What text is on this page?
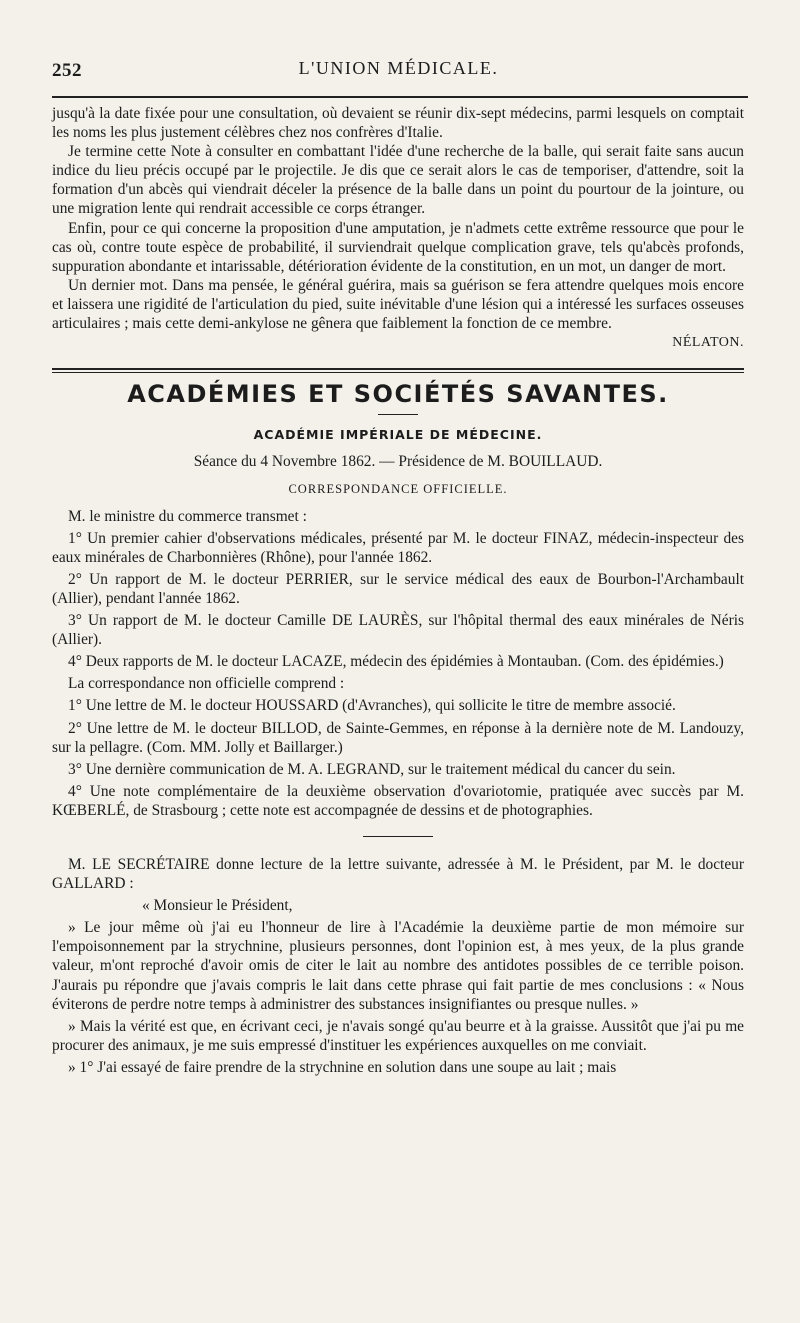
252	L'UNION MÉDICALE.

jusqu'à la date fixée pour une consultation, où devaient se réunir dix-sept médecins, parmi lesquels on comptait les noms les plus justement célèbres chez nos confrères d'Italie.

Je termine cette Note à consulter en combattant l'idée d'une recherche de la balle, qui serait faite sans aucun indice du lieu précis occupé par le projectile. Je dis que ce serait alors le cas de temporiser, d'attendre, soit la formation d'un abcès qui viendrait déceler la présence de la balle dans un point du pourtour de la jointure, ou une migration lente qui rendrait accessible ce corps étranger.

Enfin, pour ce qui concerne la proposition d'une amputation, je n'admets cette extrême ressource que pour le cas où, contre toute espèce de probabilité, il surviendrait quelque complication grave, tels qu'abcès profonds, suppuration abondante et intarissable, détérioration évidente de la constitution, en un mot, un danger de mort.

Un dernier mot. Dans ma pensée, le général guérira, mais sa guérison se fera attendre quelques mois encore et laissera une rigidité de l'articulation du pied, suite inévitable d'une lésion qui a intéressé les surfaces osseuses articulaires ; mais cette demi-ankylose ne gênera que faiblement la fonction de ce membre.

NÉLATON.

ACADÉMIES ET SOCIÉTÉS SAVANTES.
ACADÉMIE IMPÉRIALE DE MÉDECINE.
Séance du 4 Novembre 1862. — Présidence de M. BOUILLAUD.
CORRESPONDANCE OFFICIELLE.

M. le ministre du commerce transmet :

1° Un premier cahier d'observations médicales, présenté par M. le docteur FINAZ, médecin-inspecteur des eaux minérales de Charbonnières (Rhône), pour l'année 1862.

2° Un rapport de M. le docteur PERRIER, sur le service médical des eaux de Bourbon-l'Archambault (Allier), pendant l'année 1862.

3° Un rapport de M. le docteur Camille DE LAURÈS, sur l'hôpital thermal des eaux minérales de Néris (Allier).

4° Deux rapports de M. le docteur LACAZE, médecin des épidémies à Montauban. (Com. des épidémies.)

La correspondance non officielle comprend :

1° Une lettre de M. le docteur HOUSSARD (d'Avranches), qui sollicite le titre de membre associé.

2° Une lettre de M. le docteur BILLOD, de Sainte-Gemmes, en réponse à la dernière note de M. Landouzy, sur la pellagre. (Com. MM. Jolly et Baillarger.)

3° Une dernière communication de M. A. LEGRAND, sur le traitement médical du cancer du sein.

4° Une note complémentaire de la deuxième observation d'ovariotomie, pratiquée avec succès par M. KŒBERLÉ, de Strasbourg ; cette note est accompagnée de dessins et de photographies.

M. LE SECRÉTAIRE donne lecture de la lettre suivante, adressée à M. le Président, par M. le docteur GALLARD :

« Monsieur le Président,

» Le jour même où j'ai eu l'honneur de lire à l'Académie la deuxième partie de mon mémoire sur l'empoisonnement par la strychnine, plusieurs personnes, dont l'opinion est, à mes yeux, de la plus grande valeur, m'ont reproché d'avoir omis de citer le lait au nombre des antidotes possibles de ce terrible poison. J'aurais pu répondre que j'avais compris le lait dans cette phrase qui fait partie de mes conclusions : « Nous éviterons de perdre notre temps à administrer des substances insignifiantes ou presque nulles. »

» Mais la vérité est que, en écrivant ceci, je n'avais songé qu'au beurre et à la graisse. Aussitôt que j'ai pu me procurer des animaux, je me suis empressé d'instituer les expériences auxquelles on me conviait.

» 1° J'ai essayé de faire prendre de la strychnine en solution dans une soupe au lait ; mais
